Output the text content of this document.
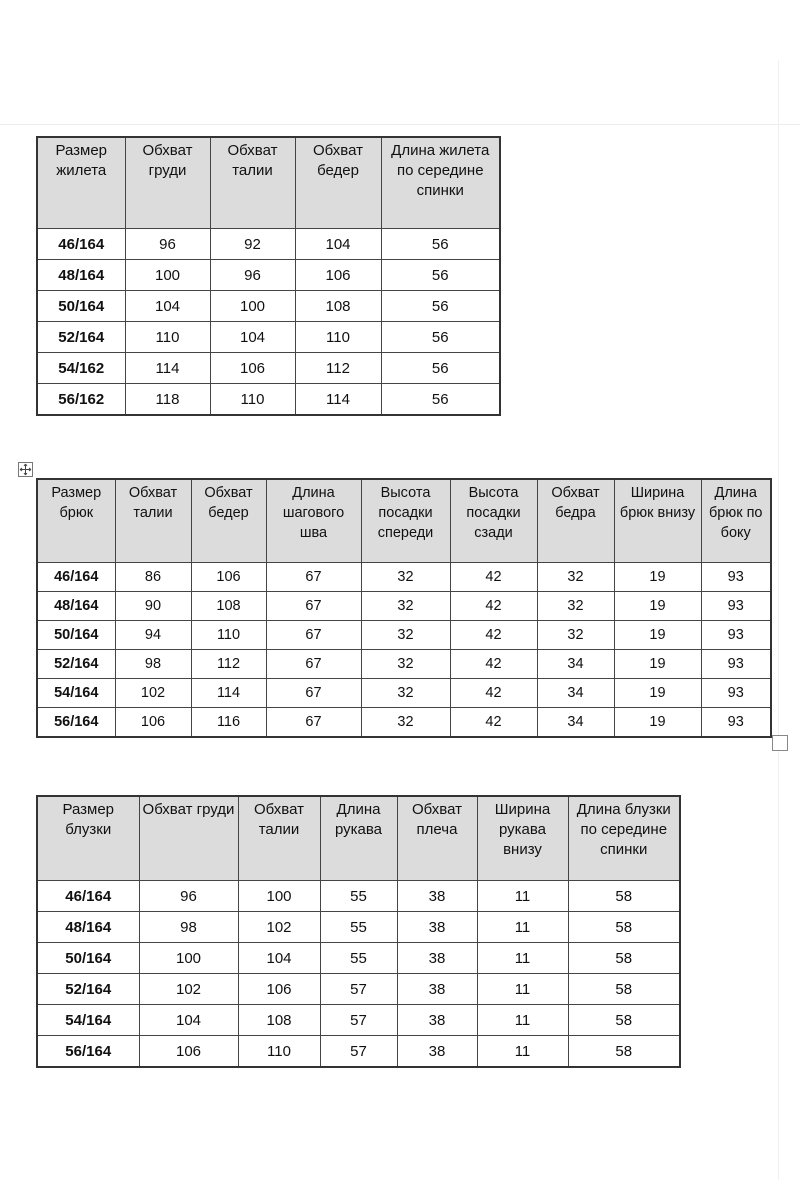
Размер жилета	Обхват груди	Обхват талии	Обхват бедер	Длина жилета по середине спинки
46/164	96	92	104	56
48/164	100	96	106	56
50/164	104	100	108	56
52/164	110	104	110	56
54/162	114	106	112	56
56/162	118	110	114	56
Размер брюк	Обхват талии	Обхват бедер	Длина шагового шва	Высота посадки спереди	Высота посадки сзади	Обхват бедра	Ширина брюк внизу	Длина брюк по боку
46/164	86	106	67	32	42	32	19	93
48/164	90	108	67	32	42	32	19	93
50/164	94	110	67	32	42	32	19	93
52/164	98	112	67	32	42	34	19	93
54/164	102	114	67	32	42	34	19	93
56/164	106	116	67	32	42	34	19	93
Размер блузки	Обхват груди	Обхват талии	Длина рукава	Обхват плеча	Ширина рукава внизу	Длина блузки по середине спинки
46/164	96	100	55	38	11	58
48/164	98	102	55	38	11	58
50/164	100	104	55	38	11	58
52/164	102	106	57	38	11	58
54/164	104	108	57	38	11	58
56/164	106	110	57	38	11	58
